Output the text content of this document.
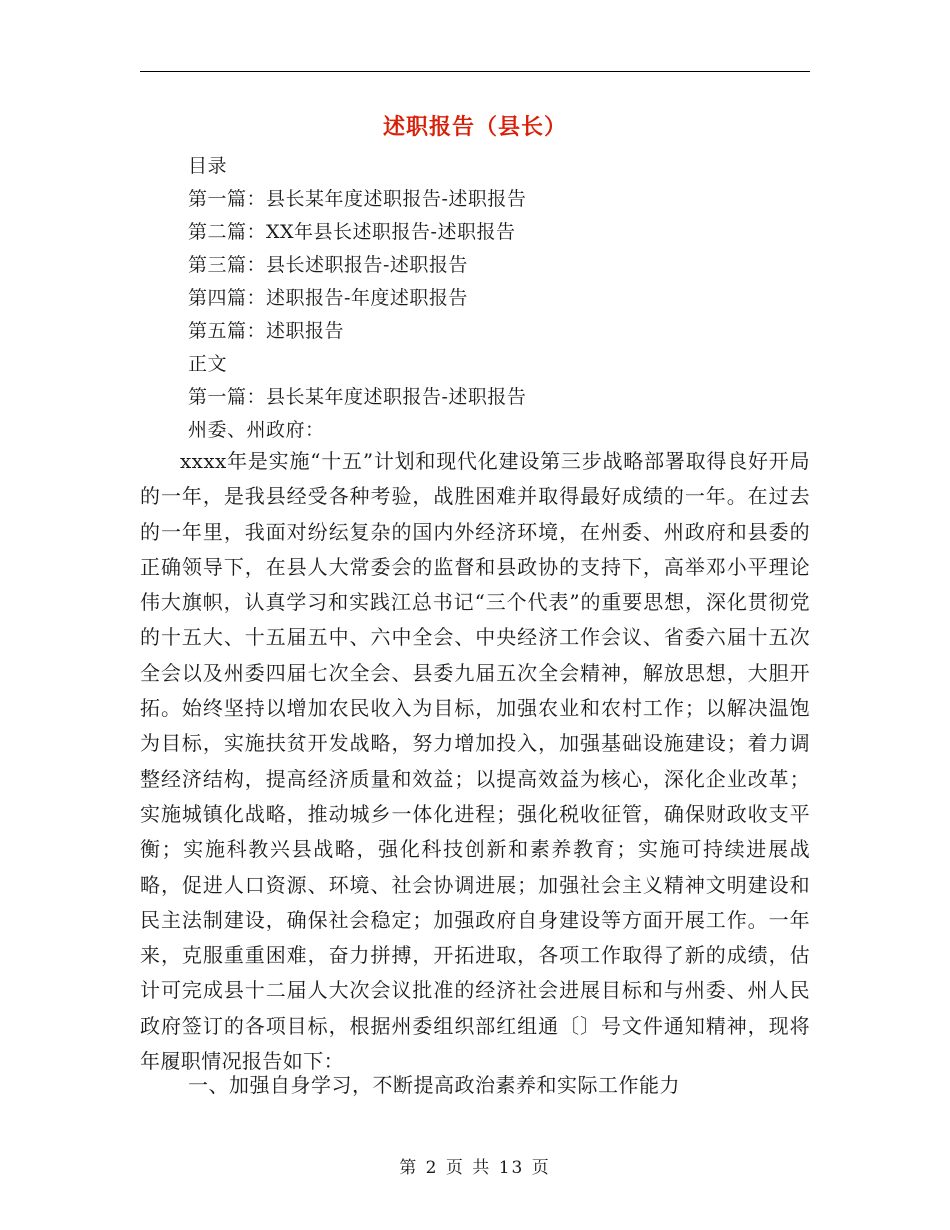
述职报告（县长）
目录
第一篇：县长某年度述职报告-述职报告
第二篇：XX年县长述职报告-述职报告
第三篇：县长述职报告-述职报告
第四篇：述职报告-年度述职报告
第五篇：述职报告
正文
第一篇：县长某年度述职报告-述职报告
州委、州政府：
xxxx年是实施“十五”计划和现代化建设第三步战略部署取得良好开局的一年，是我县经受各种考验，战胜困难并取得最好成绩的一年。在过去的一年里，我面对纷纭复杂的国内外经济环境，在州委、州政府和县委的正确领导下，在县人大常委会的监督和县政协的支持下，高举邓小平理论伟大旗帜，认真学习和实践江总书记“三个代表”的重要思想，深化贯彻党的十五大、十五届五中、六中全会、中央经济工作会议、省委六届十五次全会以及州委四届七次全会、县委九届五次全会精神，解放思想，大胆开拓。始终坚持以增加农民收入为目标，加强农业和农村工作；以解决温饱为目标，实施扶贫开发战略，努力增加投入，加强基础设施建设；着力调整经济结构，提高经济质量和效益；以提高效益为核心，深化企业改革；实施城镇化战略，推动城乡一体化进程；强化税收征管，确保财政收支平衡；实施科教兴县战略，强化科技创新和素养教育；实施可持续进展战略，促进人口资源、环境、社会协调进展；加强社会主义精神文明建设和民主法制建设，确保社会稳定；加强政府自身建设等方面开展工作。一年来，克服重重困难，奋力拼搏，开拓进取，各项工作取得了新的成绩，估计可完成县十二届人大次会议批准的经济社会进展目标和与州委、州人民政府签订的各项目标，根据州委组织部红组通〔〕号文件通知精神，现将年履职情况报告如下：
一、加强自身学习，不断提高政治素养和实际工作能力
第 2 页 共 13 页
